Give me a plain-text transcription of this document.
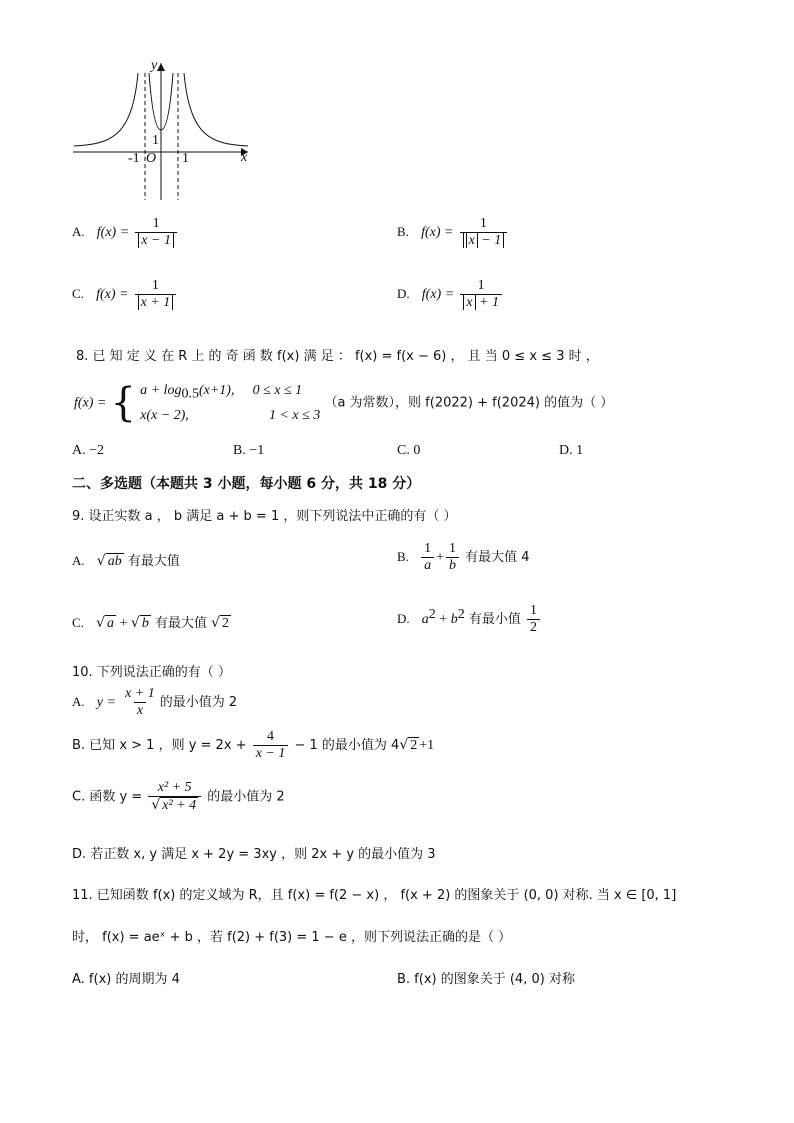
y
x
O
-1	1
1
A. $f(x) = \frac{1}{x - 1}$	B. $f(x) = \frac{1}{x - 1}$
C. $f(x) = \frac{1}{x + 1}$	D. $f(x) = \frac{1}{x + 1}$
8. 已 知 定 义 在 R 上 的 奇 函 数 f(x) 满 足 ： f(x) = f(x − 6) ， 且 当 0 ≤ x ≤ 3 时 ，
f(x) = { $a + \log_{0.5}(x+1)$, 0 ≤ x ≤ 1
x(x − 2),	1 < x ≤ 3
（a 为常数），则 f(2022) + f(2024) 的值为（ ）
A. −2	B. −1	C. 0	D. 1
二、多选题（本题共 3 小题，每小题 6 分，共 18 分）
9. 设正实数 a ， b 满足 a + b = 1 ，则下列说法中正确的有（ ）
A. √ ab 有最大值	B. $\frac{1}{a} + \frac{1}{b}$ 有最大值 4
C. √ a + √ b 有最大值 √ 2	D. $a^2 + b^2$ 有最小值 $\frac{1}{2}$
10. 下列说法正确的有（ ）
A. $y = \frac{x + 1}{x}$ 的最小值为 2
B. 已知 x > 1 ，则 $y = 2x + \frac{4}{x - 1} - 1$ 的最小值为 4√ 2 +1
C. 函数 $y = \frac{\text{x² + 5}}{\text{√ x² + 4}}$ 的最小值为 2
D. 若正数 x, y 满足 x + 2y = 3xy ，则 2x + y 的最小值为 3
11. 已知函数 f(x) 的定义域为 R，且 f(x) = f(2 − x) ， f(x + 2) 的图象关于 (0, 0) 对称. 当 x ∈ [0, 1]
时， f(x) = aeˣ + b ，若 f(2) + f(3) = 1 − e ，则下列说法正确的是（ ）
A. f(x) 的周期为 4	B. f(x) 的图象关于 (4, 0) 对称
